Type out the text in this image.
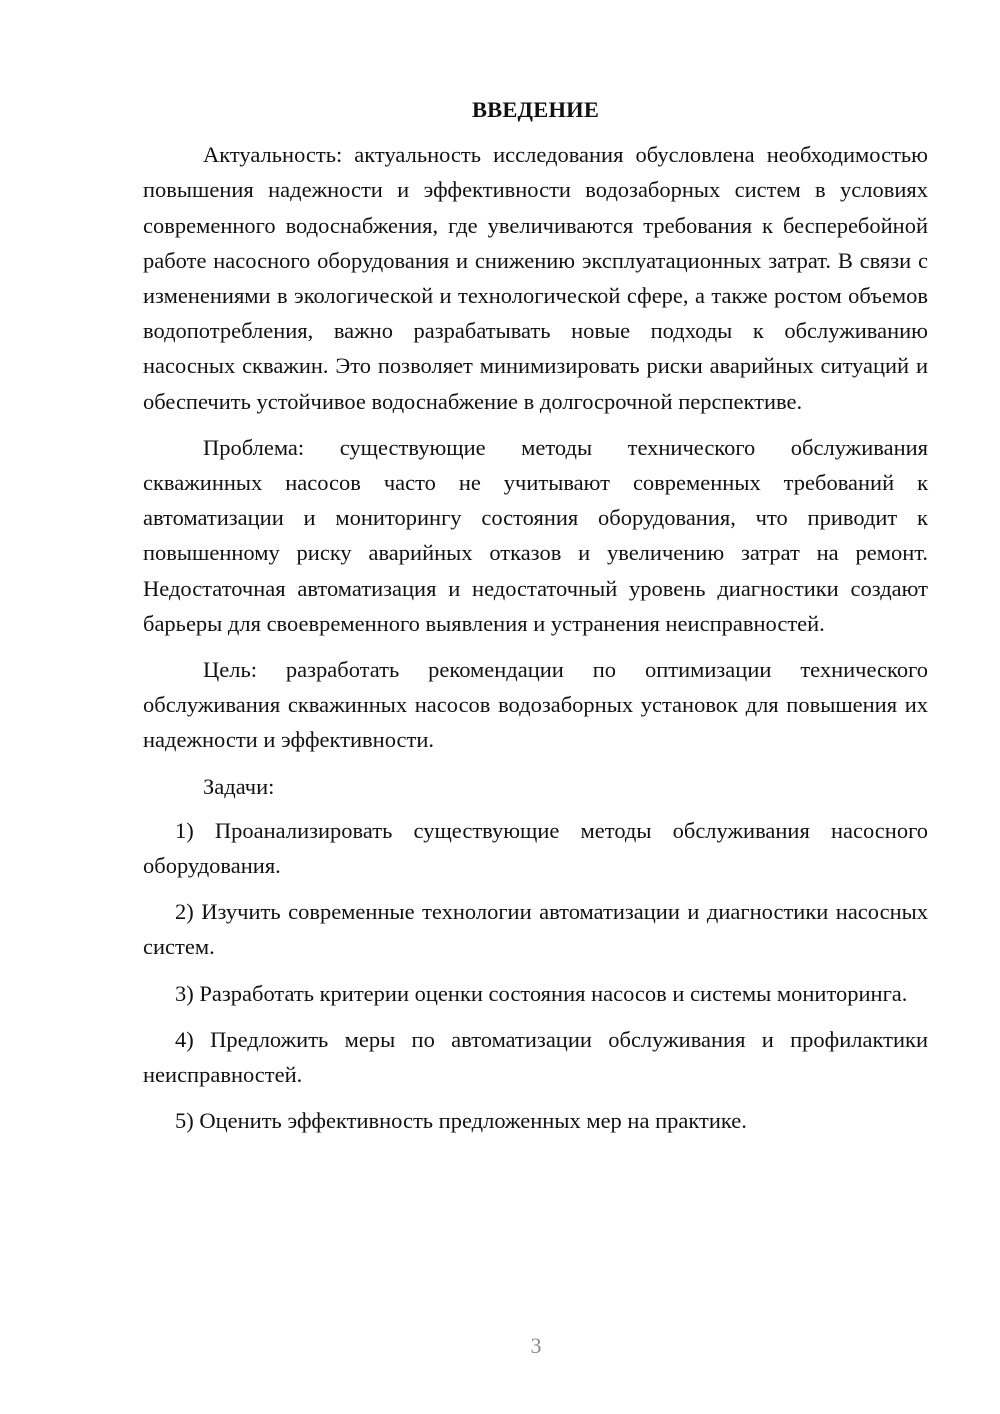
ВВЕДЕНИЕ
Актуальность: актуальность исследования обусловлена необходимостью повышения надежности и эффективности водозаборных систем в условиях современного водоснабжения, где увеличиваются требования к бесперебойной работе насосного оборудования и снижению эксплуатационных затрат. В связи с изменениями в экологической и технологической сфере, а также ростом объемов водопотребления, важно разрабатывать новые подходы к обслуживанию насосных скважин. Это позволяет минимизировать риски аварийных ситуаций и обеспечить устойчивое водоснабжение в долгосрочной перспективе.
Проблема: существующие методы технического обслуживания скважинных насосов часто не учитывают современных требований к автоматизации и мониторингу состояния оборудования, что приводит к повышенному риску аварийных отказов и увеличению затрат на ремонт. Недостаточная автоматизация и недостаточный уровень диагностики создают барьеры для своевременного выявления и устранения неисправностей.
Цель: разработать рекомендации по оптимизации технического обслуживания скважинных насосов водозаборных установок для повышения их надежности и эффективности.
Задачи:
1) Проанализировать существующие методы обслуживания насосного оборудования.
2) Изучить современные технологии автоматизации и диагностики насосных систем.
3) Разработать критерии оценки состояния насосов и системы мониторинга.
4) Предложить меры по автоматизации обслуживания и профилактики неисправностей.
5) Оценить эффективность предложенных мер на практике.
3
